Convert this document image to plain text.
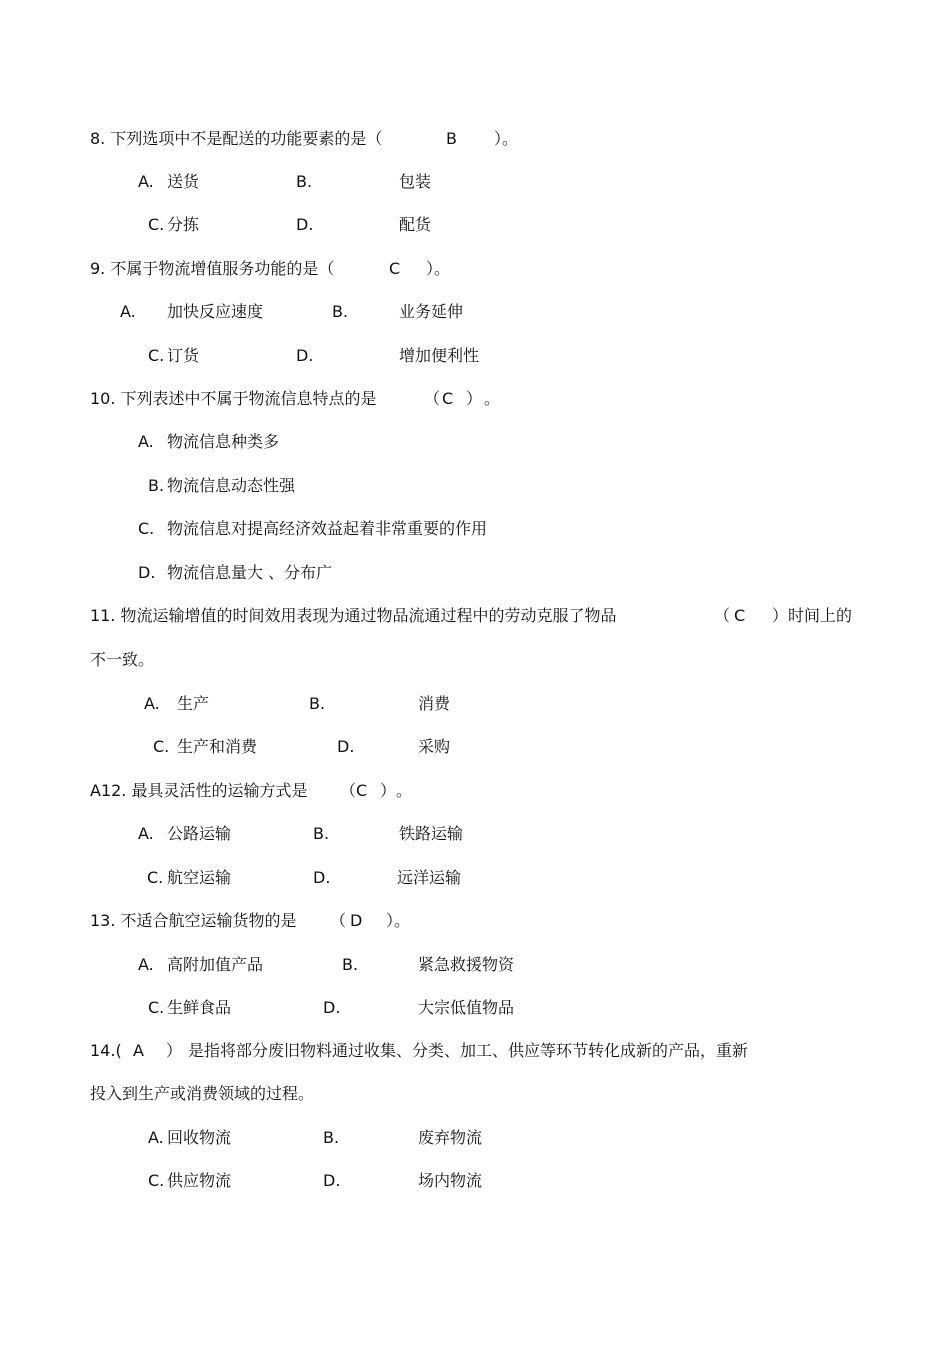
8. 下列选项中不是配送的功能要素的是（	B ）。
A. 送货	B.	包装
C. 分拣	D.	配货
9. 不属于物流增值服务功能的是（	C ）。
A. 加快反应速度	B.	业务延伸
C. 订货	D.	增加便利性
10. 下列表述中不属于物流信息特点的是	（ C ） 。
A. 物流信息种类多
B. 物流信息动态性强
C. 物流信息对提高经济效益起着非常重要的作用
D. 物流信息量大 、分布广
11. 物流运输增值的时间效用表现为通过物品流通过程中的劳动克服了物品	（ C ）时间上的
不一致。
A. 生产	B.	消费
C. 生产和消费	D.	采购
A12. 最具灵活性的运输方式是 （ C ） 。
A. 公路运输	B.	铁路运输
C. 航空运输	D.	远洋运输
13. 不适合航空运输货物的是 （ D ）。
A. 高附加值产品	B.	紧急救援物资
C. 生鲜食品	D.	大宗低值物品
14.( A ） 是指将部分废旧物料通过收集、分类、加工、供应等环节转化成新的产品，重新
投入到生产或消费领域的过程。
A. 回收物流	B.	废弃物流
C. 供应物流	D.	场内物流
